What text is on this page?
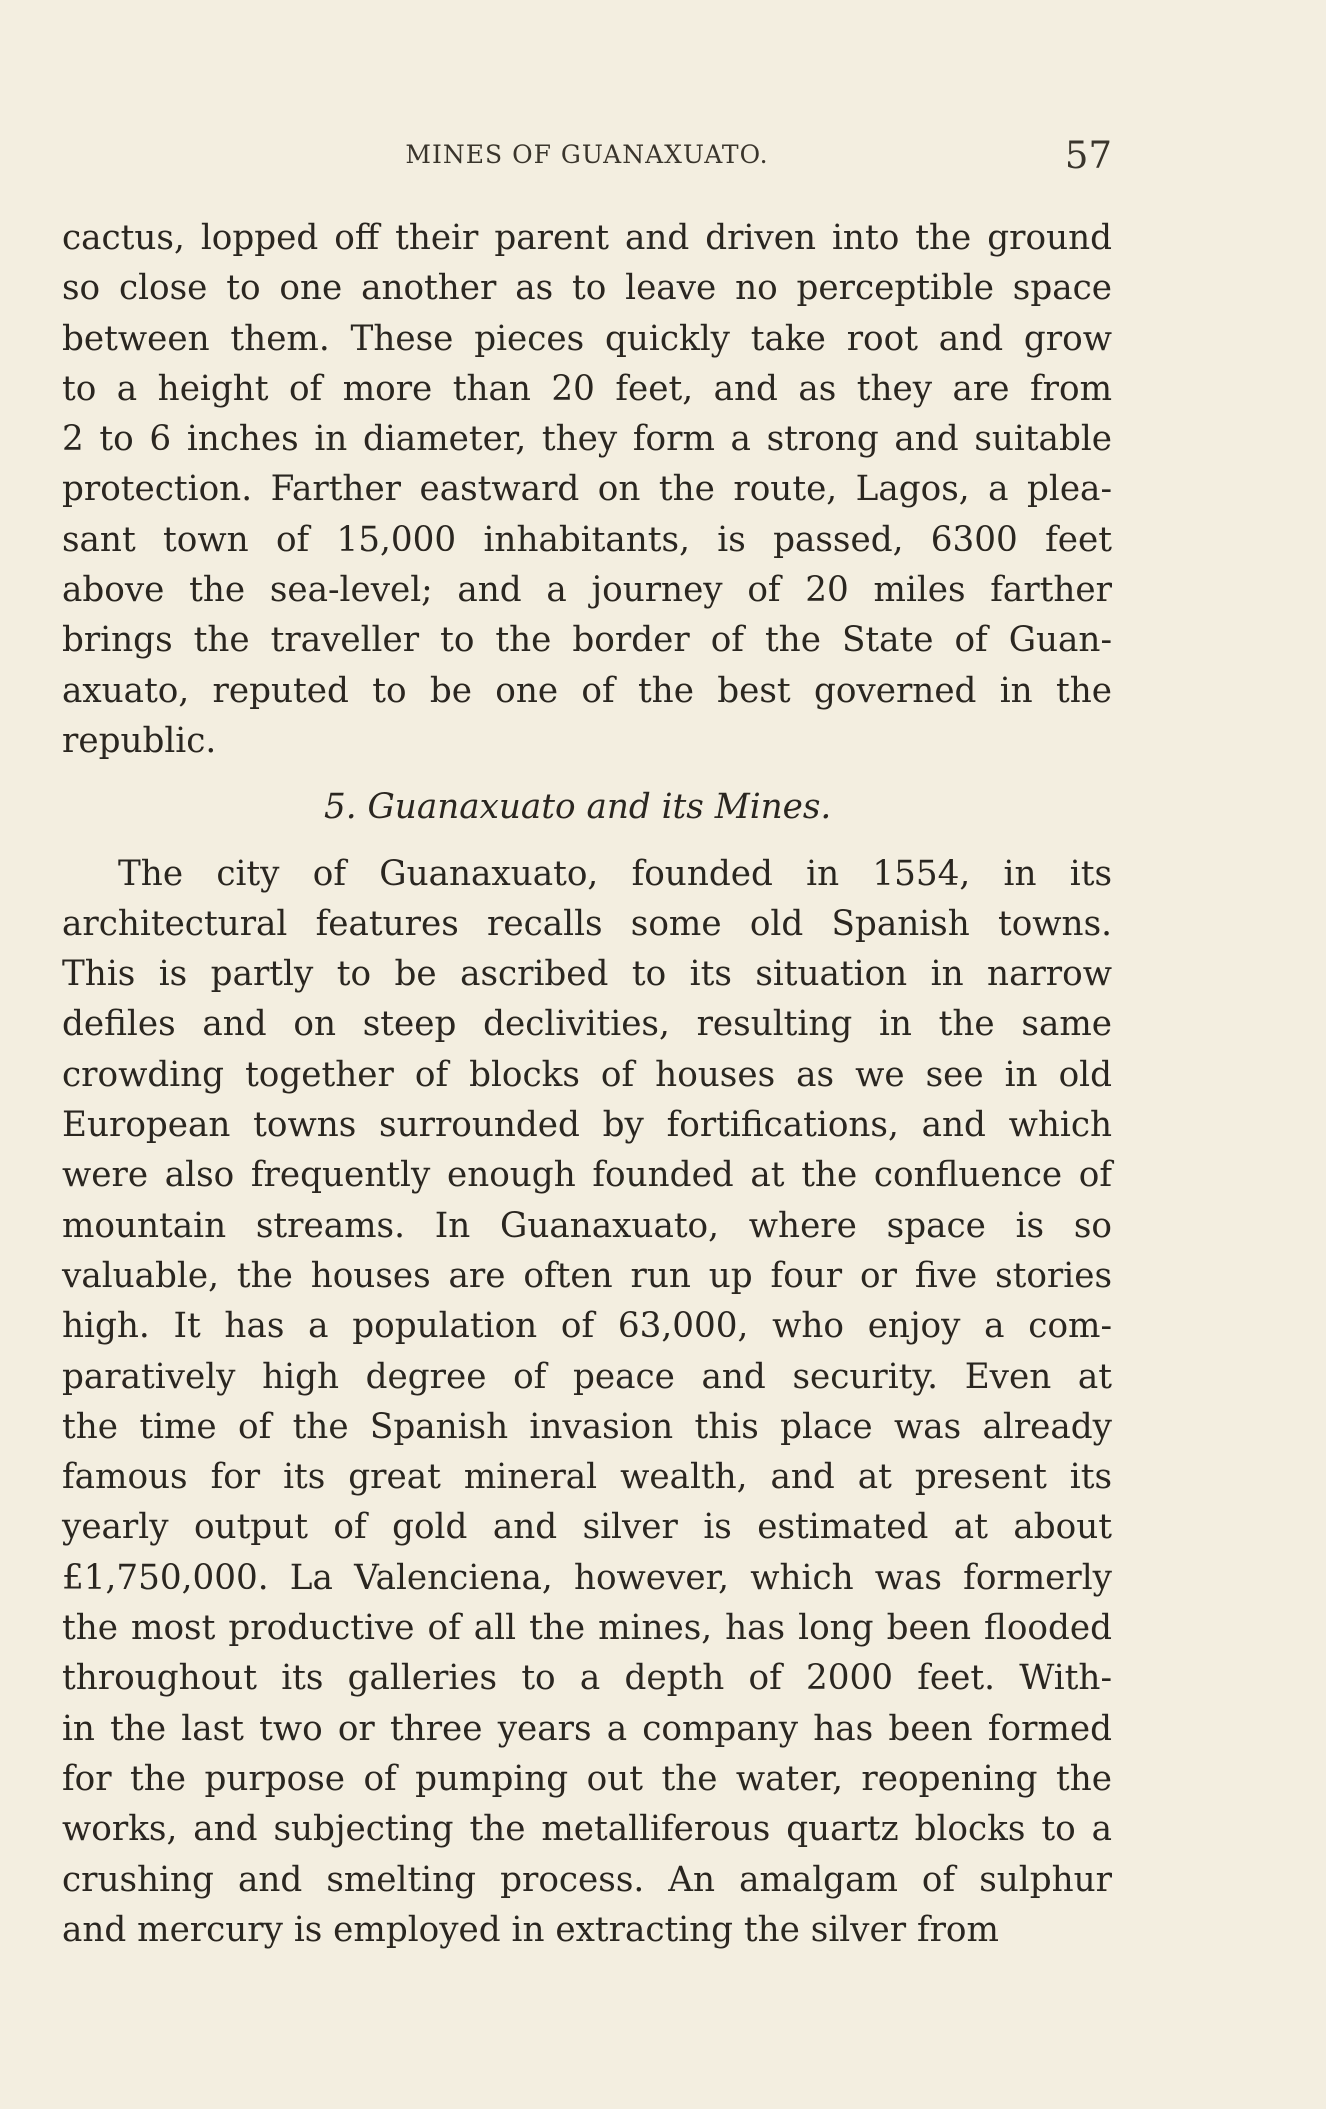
MINES OF GUANAXUATO.	57
cactus, lopped off their parent and driven into the ground
so close to one another as to leave no perceptible space
between them. These pieces quickly take root and grow
to a height of more than 20 feet, and as they are from
2 to 6 inches in diameter, they form a strong and suitable
protection. Farther eastward on the route, Lagos, a plea-
sant town of 15,000 inhabitants, is passed, 6300 feet
above the sea-level; and a journey of 20 miles farther
brings the traveller to the border of the State of Guan-
axuato, reputed to be one of the best governed in the
republic.
5. Guanaxuato and its Mines.
The city of Guanaxuato, founded in 1554, in its
architectural features recalls some old Spanish towns.
This is partly to be ascribed to its situation in narrow
defiles and on steep declivities, resulting in the same
crowding together of blocks of houses as we see in old
European towns surrounded by fortifications, and which
were also frequently enough founded at the confluence of
mountain streams. In Guanaxuato, where space is so
valuable, the houses are often run up four or five stories
high. It has a population of 63,000, who enjoy a com-
paratively high degree of peace and security. Even at
the time of the Spanish invasion this place was already
famous for its great mineral wealth, and at present its
yearly output of gold and silver is estimated at about
£1,750,000. La Valenciena, however, which was formerly
the most productive of all the mines, has long been flooded
throughout its galleries to a depth of 2000 feet. With-
in the last two or three years a company has been formed
for the purpose of pumping out the water, reopening the
works, and subjecting the metalliferous quartz blocks to a
crushing and smelting process. An amalgam of sulphur
and mercury is employed in extracting the silver from
